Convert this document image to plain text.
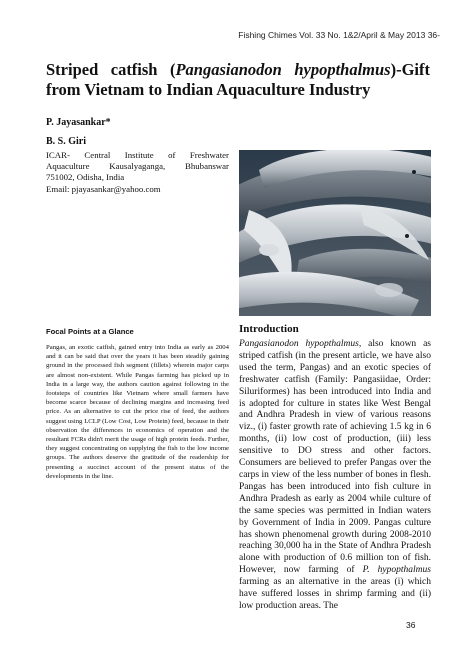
Fishing Chimes Vol. 33 No. 1&2/April & May 2013 36-
Striped catfish (Pangasianodon hypopthalmus)-Gift from Vietnam to Indian Aquaculture Industry

P. Jayasankar*

B. S. Giri

ICAR- Central Institute of Freshwater

Aquaculture Kausalyaganga, Bhubanswar

751002, Odisha, India

Email: pjayasankar@yahoo.com

Focal Points at a Glance

Pangas, an exotic catfish, gained entry into India as early as 2004 and it can be said that over the years it has been steadily gaining ground in the processed fish segment (fillets) wherein major carps are almost non-existent. While Pangas farming has picked up in India in a large way, the authors caution against following in the footsteps of countries like Vietnam where small farmers have become scarce because of declining margins and increasing feed price. As an alternative to cut the price rise of feed, the authors suggest using LCLP (Low Cost, Low Protein) feed, because in their observation the differences in economics of operation and the resultant FCRs didn't merit the usage of high protein feeds. Further, they suggest concentrating on supplying the fish to the low income groups. The authors deserve the gratitude of the readership for presenting a succinct account of the present status of the developments in the line.

Introduction

Pangasianodon hypopthalmus, also known as striped catfish (in the present article, we have also used the term, Pangas) and an exotic species of freshwater catfish (Family: Pangasiidae, Order: Siluriformes) has been introduced into India and is adopted for culture in states like West Bengal and Andhra Pradesh in view of various reasons viz., (i) faster growth rate of achieving 1.5 kg in 6 months, (ii) low cost of production, (iii) less sensitive to DO stress and other factors. Consumers are believed to prefer Pangas over the carps in view of the less number of bones in flesh. Pangas has been introduced into fish culture in Andhra Pradesh as early as 2004 while culture of the same species was permitted in Indian waters by Government of India in 2009. Pangas culture has shown phenomenal growth during 2008-2010 reaching 30,000 ha in the State of Andhra Pradesh alone with production of 0.6 million ton of fish. However, now farming of P. hypopthalmus farming as an alternative in the areas (i) which have suffered losses in shrimp farming and (ii) low production areas. The

36
